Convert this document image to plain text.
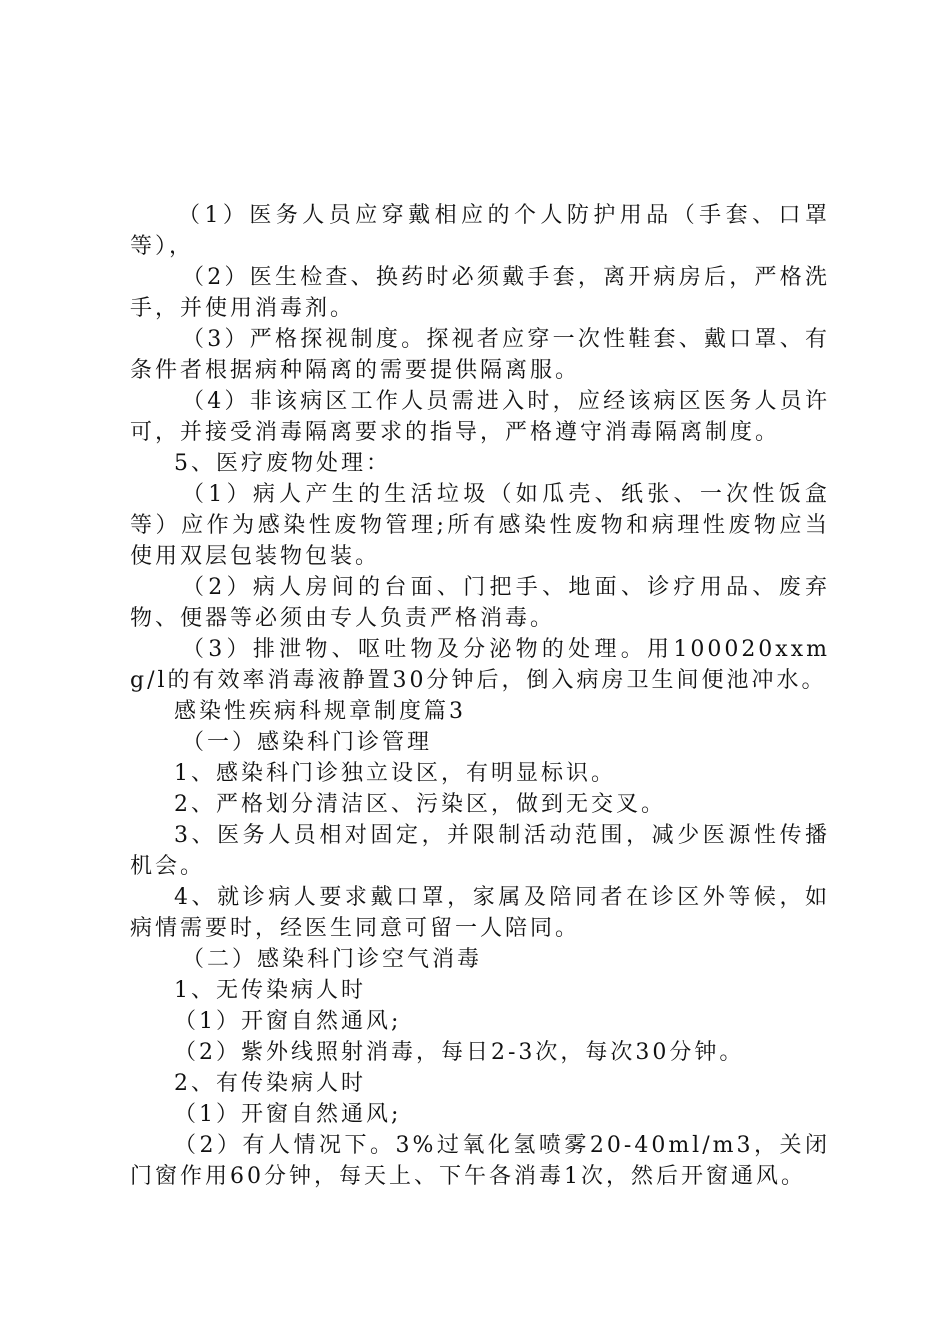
（1）医务人员应穿戴相应的个人防护用品（手套、口罩等），

（2）医生检查、换药时必须戴手套，离开病房后，严格洗手，并使用消毒剂。

（3）严格探视制度。探视者应穿一次性鞋套、戴口罩、有条件者根据病种隔离的需要提供隔离服。

（4）非该病区工作人员需进入时，应经该病区医务人员许可，并接受消毒隔离要求的指导，严格遵守消毒隔离制度。

5、医疗废物处理：

（1）病人产生的生活垃圾（如瓜壳、纸张、一次性饭盒等）应作为感染性废物管理;所有感染性废物和病理性废物应当使用双层包装物包装。

（2）病人房间的台面、门把手、地面、诊疗用品、废弃物、便器等必须由专人负责严格消毒。

（3）排泄物、呕吐物及分泌物的处理。用100020xxmg/l的有效率消毒液静置30分钟后，倒入病房卫生间便池冲水。

感染性疾病科规章制度篇3

（一）感染科门诊管理

1、感染科门诊独立设区，有明显标识。

2、严格划分清洁区、污染区，做到无交叉。

3、医务人员相对固定，并限制活动范围，减少医源性传播机会。

4、就诊病人要求戴口罩，家属及陪同者在诊区外等候，如病情需要时，经医生同意可留一人陪同。

（二）感染科门诊空气消毒

1、无传染病人时

（1）开窗自然通风;

（2）紫外线照射消毒，每日2-3次，每次30分钟。

2、有传染病人时

（1）开窗自然通风;

（2）有人情况下。3%过氧化氢喷雾20-40ml/m3，关闭门窗作用60分钟，每天上、下午各消毒1次，然后开窗通风。
